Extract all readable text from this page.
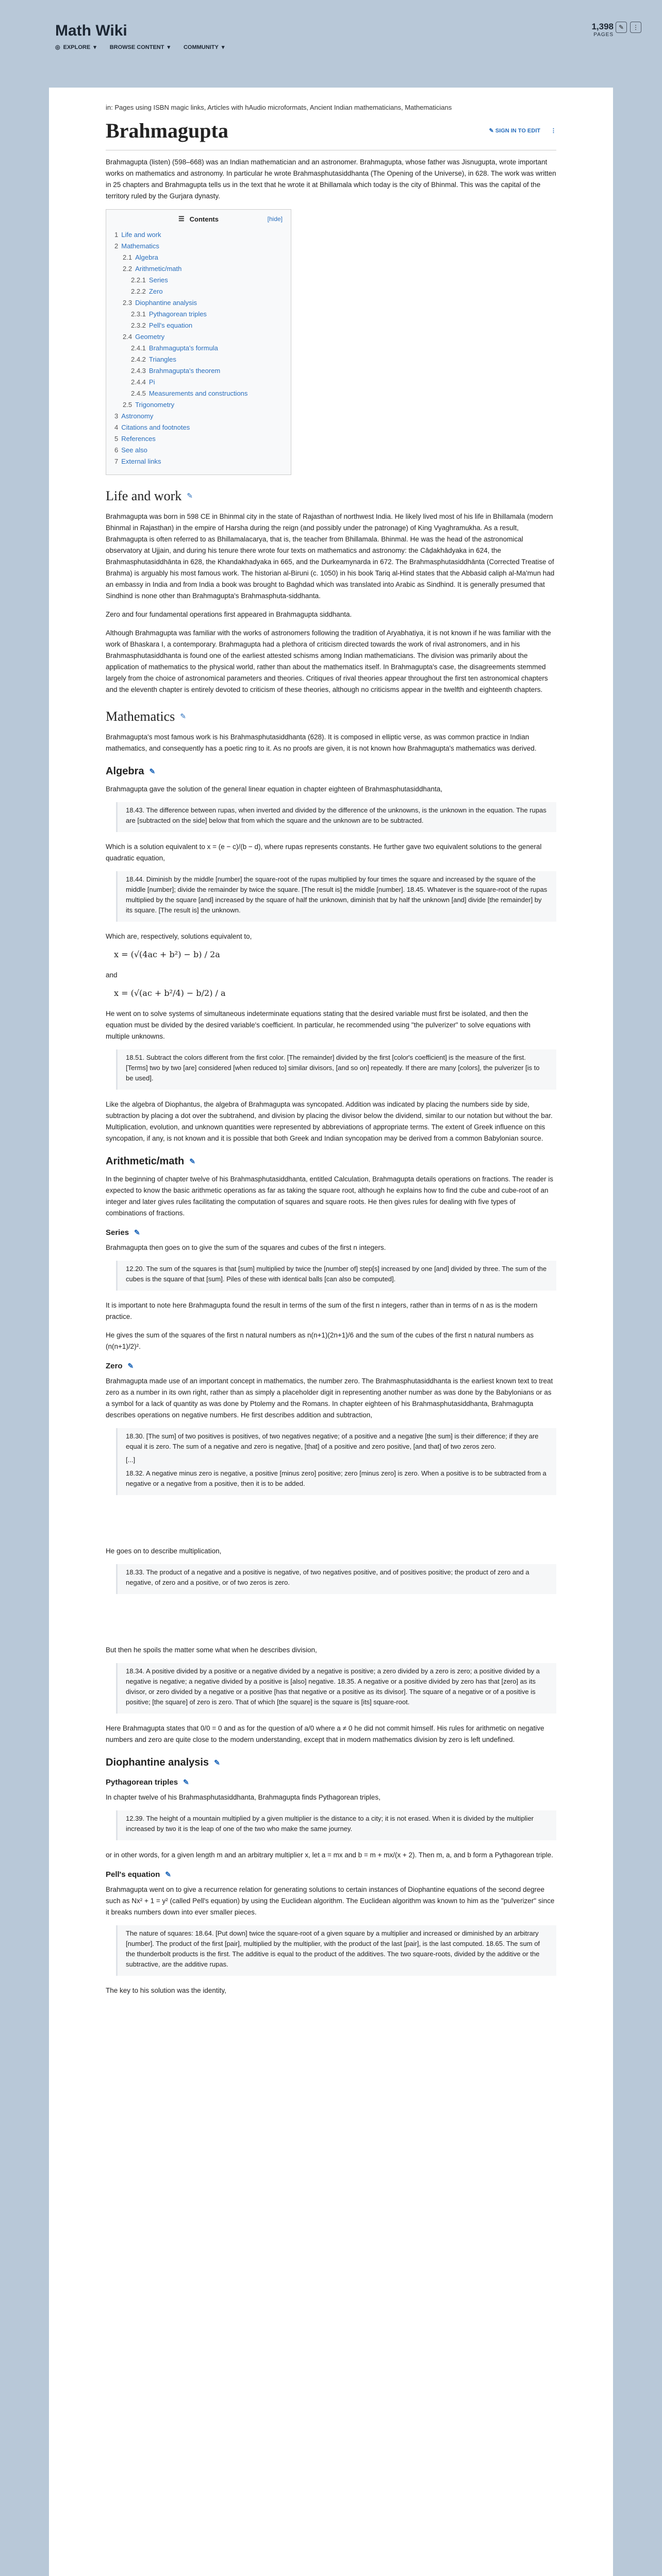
Math Wiki
◎ EXPLORE ▾ BROWSE CONTENT ▾ COMMUNITY ▾
1,398
PAGES
✎	⋮
in: Pages using ISBN magic links, Articles with hAudio microformats, Ancient Indian mathematicians, Mathematicians
Brahmagupta	✎ SIGN IN TO EDIT ⋮

Brahmagupta (listen) (598–668) was an Indian mathematician and an astronomer. Brahmagupta, whose father was Jisnugupta, wrote important works on mathematics and astronomy. In particular he wrote Brahmasphutasiddhanta (The Opening of the Universe), in 628. The work was written in 25 chapters and Brahmagupta tells us in the text that he wrote it at Bhillamala which today is the city of Bhinmal. This was the capital of the territory ruled by the Gurjara dynasty.

☰ Contents	[hide]
1 Life and work
2 Mathematics
2.1 Algebra
2.2 Arithmetic/math
2.2.1 Series
2.2.2 Zero
2.3 Diophantine analysis
2.3.1 Pythagorean triples
2.3.2 Pell's equation
2.4 Geometry
2.4.1 Brahmagupta's formula
2.4.2 Triangles
2.4.3 Brahmagupta's theorem
2.4.4 Pi
2.4.5 Measurements and constructions
2.5 Trigonometry
3 Astronomy
4 Citations and footnotes
5 References
6 See also
7 External links
Life and work ✎

Brahmagupta was born in 598 CE in Bhinmal city in the state of Rajasthan of northwest India. He likely lived most of his life in Bhillamala (modern Bhinmal in Rajasthan) in the empire of Harsha during the reign (and possibly under the patronage) of King Vyaghramukha. As a result, Brahmagupta is often referred to as Bhillamalacarya, that is, the teacher from Bhillamala. Bhinmal. He was the head of the astronomical observatory at Ujjain, and during his tenure there wrote four texts on mathematics and astronomy: the Cāḍakhādyaka in 624, the Brahmasphutasiddhānta in 628, the Khandakhadyaka in 665, and the Durkeamynarda in 672. The Brahmasphutasiddhānta (Corrected Treatise of Brahma) is arguably his most famous work. The historian al-Biruni (c. 1050) in his book Tariq al-Hind states that the Abbasid caliph al-Ma'mun had an embassy in India and from India a book was brought to Baghdad which was translated into Arabic as Sindhind. It is generally presumed that Sindhind is none other than Brahmagupta's Brahmasphuta-siddhanta.

Zero and four fundamental operations first appeared in Brahmagupta siddhanta.

Although Brahmagupta was familiar with the works of astronomers following the tradition of Aryabhatiya, it is not known if he was familiar with the work of Bhaskara I, a contemporary. Brahmagupta had a plethora of criticism directed towards the work of rival astronomers, and in his Brahmasphutasiddhanta is found one of the earliest attested schisms among Indian mathematicians. The division was primarily about the application of mathematics to the physical world, rather than about the mathematics itself. In Brahmagupta's case, the disagreements stemmed largely from the choice of astronomical parameters and theories. Critiques of rival theories appear throughout the first ten astronomical chapters and the eleventh chapter is entirely devoted to criticism of these theories, although no criticisms appear in the twelfth and eighteenth chapters.

Mathematics ✎

Brahmagupta's most famous work is his Brahmasphutasiddhanta (628). It is composed in elliptic verse, as was common practice in Indian mathematics, and consequently has a poetic ring to it. As no proofs are given, it is not known how Brahmagupta's mathematics was derived.

Algebra ✎

Brahmagupta gave the solution of the general linear equation in chapter eighteen of Brahmasphutasiddhanta,

18.43. The difference between rupas, when inverted and divided by the difference of the unknowns, is the unknown in the equation. The rupas are [subtracted on the side] below that from which the square and the unknown are to be subtracted.

Which is a solution equivalent to x = (e − c)/(b − d), where rupas represents constants. He further gave two equivalent solutions to the general quadratic equation,

18.44. Diminish by the middle [number] the square-root of the rupas multiplied by four times the square and increased by the square of the middle [number]; divide the remainder by twice the square. [The result is] the middle [number]. 18.45. Whatever is the square-root of the rupas multiplied by the square [and] increased by the square of half the unknown, diminish that by half the unknown [and] divide [the remainder] by its square. [The result is] the unknown.

Which are, respectively, solutions equivalent to,

x = (√(4ac + b²) − b) / 2a

and

x = (√(ac + b²/4) − b/2) / a

He went on to solve systems of simultaneous indeterminate equations stating that the desired variable must first be isolated, and then the equation must be divided by the desired variable's coefficient. In particular, he recommended using "the pulverizer" to solve equations with multiple unknowns.

18.51. Subtract the colors different from the first color. [The remainder] divided by the first [color's coefficient] is the measure of the first. [Terms] two by two [are] considered [when reduced to] similar divisors, [and so on] repeatedly. If there are many [colors], the pulverizer [is to be used].

Like the algebra of Diophantus, the algebra of Brahmagupta was syncopated. Addition was indicated by placing the numbers side by side, subtraction by placing a dot over the subtrahend, and division by placing the divisor below the dividend, similar to our notation but without the bar. Multiplication, evolution, and unknown quantities were represented by abbreviations of appropriate terms. The extent of Greek influence on this syncopation, if any, is not known and it is possible that both Greek and Indian syncopation may be derived from a common Babylonian source.

Arithmetic/math ✎

In the beginning of chapter twelve of his Brahmasphutasiddhanta, entitled Calculation, Brahmagupta details operations on fractions. The reader is expected to know the basic arithmetic operations as far as taking the square root, although he explains how to find the cube and cube-root of an integer and later gives rules facilitating the computation of squares and square roots. He then gives rules for dealing with five types of combinations of fractions.

Series ✎

Brahmagupta then goes on to give the sum of the squares and cubes of the first n integers.

12.20. The sum of the squares is that [sum] multiplied by twice the [number of] step[s] increased by one [and] divided by three. The sum of the cubes is the square of that [sum]. Piles of these with identical balls [can also be computed].

It is important to note here Brahmagupta found the result in terms of the sum of the first n integers, rather than in terms of n as is the modern practice.

He gives the sum of the squares of the first n natural numbers as n(n+1)(2n+1)/6 and the sum of the cubes of the first n natural numbers as (n(n+1)/2)².

Zero ✎

Brahmagupta made use of an important concept in mathematics, the number zero. The Brahmasphutasiddhanta is the earliest known text to treat zero as a number in its own right, rather than as simply a placeholder digit in representing another number as was done by the Babylonians or as a symbol for a lack of quantity as was done by Ptolemy and the Romans. In chapter eighteen of his Brahmasphutasiddhanta, Brahmagupta describes operations on negative numbers. He first describes addition and subtraction,

18.30. [The sum] of two positives is positives, of two negatives negative; of a positive and a negative [the sum] is their difference; if they are equal it is zero. The sum of a negative and zero is negative, [that] of a positive and zero positive, [and that] of two zeros zero.

[...]

18.32. A negative minus zero is negative, a positive [minus zero] positive; zero [minus zero] is zero. When a positive is to be subtracted from a negative or a negative from a positive, then it is to be added.

He goes on to describe multiplication,

18.33. The product of a negative and a positive is negative, of two negatives positive, and of positives positive; the product of zero and a negative, of zero and a positive, or of two zeros is zero.

But then he spoils the matter some what when he describes division,

18.34. A positive divided by a positive or a negative divided by a negative is positive; a zero divided by a zero is zero; a positive divided by a negative is negative; a negative divided by a positive is [also] negative. 18.35. A negative or a positive divided by zero has that [zero] as its divisor, or zero divided by a negative or a positive [has that negative or a positive as its divisor]. The square of a negative or of a positive is positive; [the square] of zero is zero. That of which [the square] is the square is [its] square-root.

Here Brahmagupta states that 0/0 = 0 and as for the question of a/0 where a ≠ 0 he did not commit himself. His rules for arithmetic on negative numbers and zero are quite close to the modern understanding, except that in modern mathematics division by zero is left undefined.

Diophantine analysis ✎
Pythagorean triples ✎

In chapter twelve of his Brahmasphutasiddhanta, Brahmagupta finds Pythagorean triples,

12.39. The height of a mountain multiplied by a given multiplier is the distance to a city; it is not erased. When it is divided by the multiplier increased by two it is the leap of one of the two who make the same journey.

or in other words, for a given length m and an arbitrary multiplier x, let a = mx and b = m + mx/(x + 2). Then m, a, and b form a Pythagorean triple.

Pell's equation ✎

Brahmagupta went on to give a recurrence relation for generating solutions to certain instances of Diophantine equations of the second degree such as Nx² + 1 = y² (called Pell's equation) by using the Euclidean algorithm. The Euclidean algorithm was known to him as the "pulverizer" since it breaks numbers down into ever smaller pieces.

The nature of squares: 18.64. [Put down] twice the square-root of a given square by a multiplier and increased or diminished by an arbitrary [number]. The product of the first [pair], multiplied by the multiplier, with the product of the last [pair], is the last computed. 18.65. The sum of the thunderbolt products is the first. The additive is equal to the product of the additives. The two square-roots, divided by the additive or the subtractive, are the additive rupas.

The key to his solution was the identity,
